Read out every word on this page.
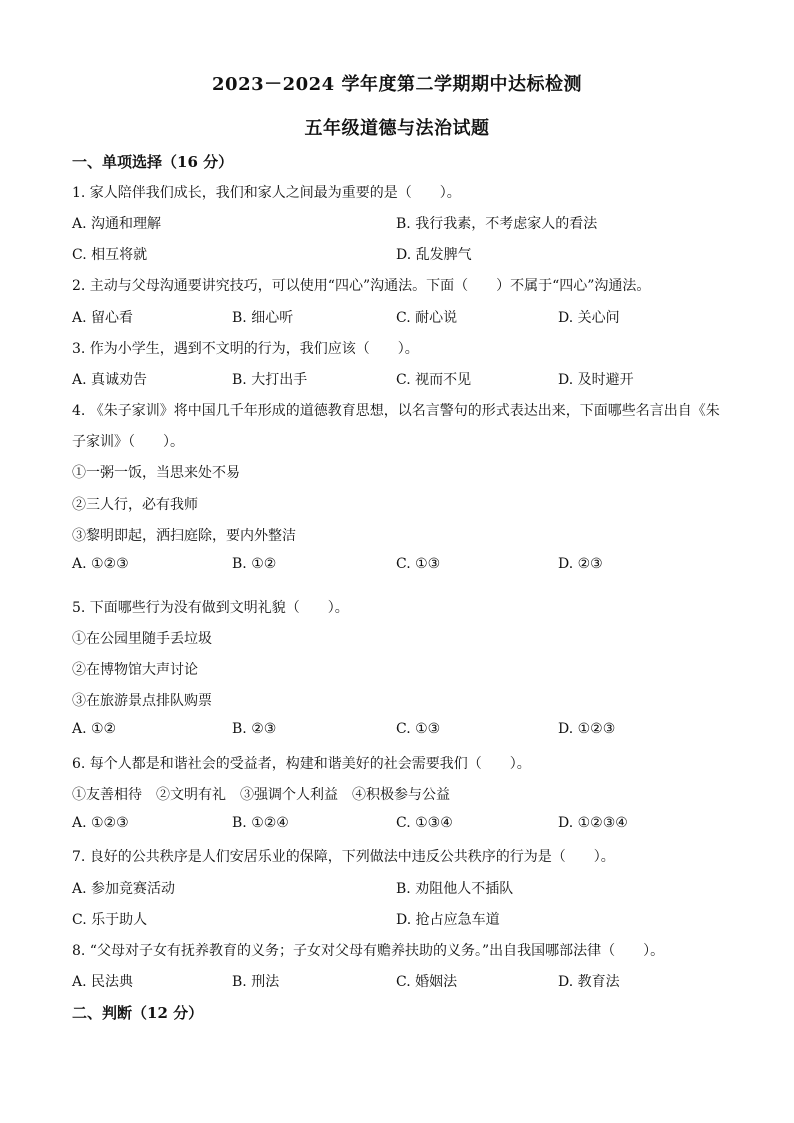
2023－2024 学年度第二学期期中达标检测
五年级道德与法治试题
一、单项选择（16 分）
1. 家人陪伴我们成长，我们和家人之间最为重要的是（　　）。
A. 沟通和理解	B. 我行我素，不考虑家人的看法
C. 相互将就	D. 乱发脾气
2. 主动与父母沟通要讲究技巧，可以使用“四心”沟通法。下面（　　）不属于“四心”沟通法。
A. 留心看	B. 细心听	C. 耐心说	D. 关心问
3. 作为小学生，遇到不文明的行为，我们应该（　　）。
A. 真诚劝告	B. 大打出手	C. 视而不见	D. 及时避开
4. 《朱子家训》将中国几千年形成的道德教育思想，以名言警句的形式表达出来，下面哪些名言出自《朱
子家训》（　　）。
①一粥一饭，当思来处不易
②三人行，必有我师
③黎明即起，洒扫庭除，要内外整洁
A. ①②③	B. ①②	C. ①③	D. ②③
5. 下面哪些行为没有做到文明礼貌（　　）。
①在公园里随手丢垃圾
②在博物馆大声讨论
③在旅游景点排队购票
A. ①②	B. ②③	C. ①③	D. ①②③
6. 每个人都是和谐社会的受益者，构建和谐美好的社会需要我们（　　）。
①友善相待　②文明有礼　③强调个人利益　④积极参与公益
A. ①②③	B. ①②④	C. ①③④	D. ①②③④
7. 良好的公共秩序是人们安居乐业的保障，下列做法中违反公共秩序的行为是（　　）。
A. 参加竞赛活动	B. 劝阻他人不插队
C. 乐于助人	D. 抢占应急车道
8. “父母对子女有抚养教育的义务；子女对父母有赡养扶助的义务。”出自我国哪部法律（　　）。
A. 民法典	B. 刑法	C. 婚姻法	D. 教育法
二、判断（12 分）
